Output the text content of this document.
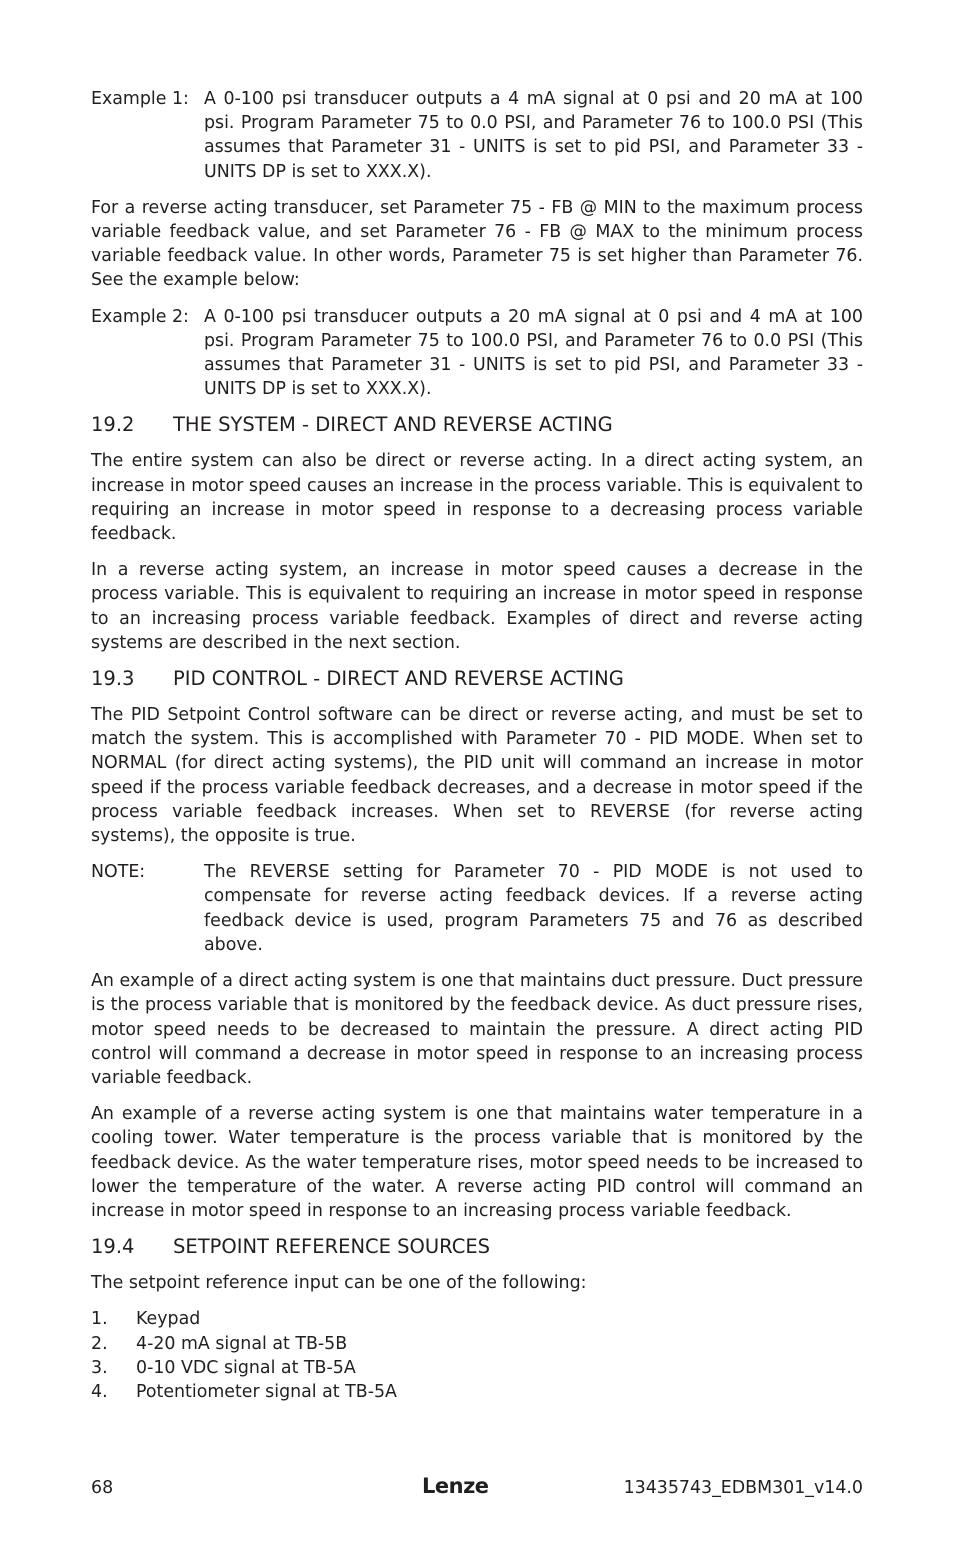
Example 1: A 0-100 psi transducer outputs a 4 mA signal at 0 psi and 20 mA at 100 psi. Program Parameter 75 to 0.0 PSI, and Parameter 76 to 100.0 PSI (This assumes that Parameter 31 - UNITS is set to pid PSI, and Parameter 33 - UNITS DP is set to XXX.X).

For a reverse acting transducer, set Parameter 75 - FB @ MIN to the maximum process variable feedback value, and set Parameter 76 - FB @ MAX to the minimum process variable feedback value. In other words, Parameter 75 is set higher than Parameter 76. See the example below:

Example 2: A 0-100 psi transducer outputs a 20 mA signal at 0 psi and 4 mA at 100 psi. Program Parameter 75 to 100.0 PSI, and Parameter 76 to 0.0 PSI (This assumes that Parameter 31 - UNITS is set to pid PSI, and Parameter 33 - UNITS DP is set to XXX.X).
19.2	THE SYSTEM - DIRECT AND REVERSE ACTING

The entire system can also be direct or reverse acting. In a direct acting system, an increase in motor speed causes an increase in the process variable. This is equivalent to requiring an increase in motor speed in response to a decreasing process variable feedback.

In a reverse acting system, an increase in motor speed causes a decrease in the process variable. This is equivalent to requiring an increase in motor speed in response to an increasing process variable feedback. Examples of direct and reverse acting systems are described in the next section.

19.3	PID CONTROL - DIRECT AND REVERSE ACTING

The PID Setpoint Control software can be direct or reverse acting, and must be set to match the system. This is accomplished with Parameter 70 - PID MODE. When set to NORMAL (for direct acting systems), the PID unit will command an increase in motor speed if the process variable feedback decreases, and a decrease in motor speed if the process variable feedback increases. When set to REVERSE (for reverse acting systems), the opposite is true.

NOTE:	The REVERSE setting for Parameter 70 - PID MODE is not used to compensate for reverse acting feedback devices. If a reverse acting feedback device is used, program Parameters 75 and 76 as described above.

An example of a direct acting system is one that maintains duct pressure. Duct pressure is the process variable that is monitored by the feedback device. As duct pressure rises, motor speed needs to be decreased to maintain the pressure. A direct acting PID control will command a decrease in motor speed in response to an increasing process variable feedback.

An example of a reverse acting system is one that maintains water temperature in a cooling tower. Water temperature is the process variable that is monitored by the feedback device. As the water temperature rises, motor speed needs to be increased to lower the temperature of the water. A reverse acting PID control will command an increase in motor speed in response to an increasing process variable feedback.

19.4	SETPOINT REFERENCE SOURCES

The setpoint reference input can be one of the following:

1.	Keypad
2.	4-20 mA signal at TB-5B
3.	0-10 VDC signal at TB-5A
4.	Potentiometer signal at TB-5A
68	Lenze	13435743_EDBM301_v14.0
